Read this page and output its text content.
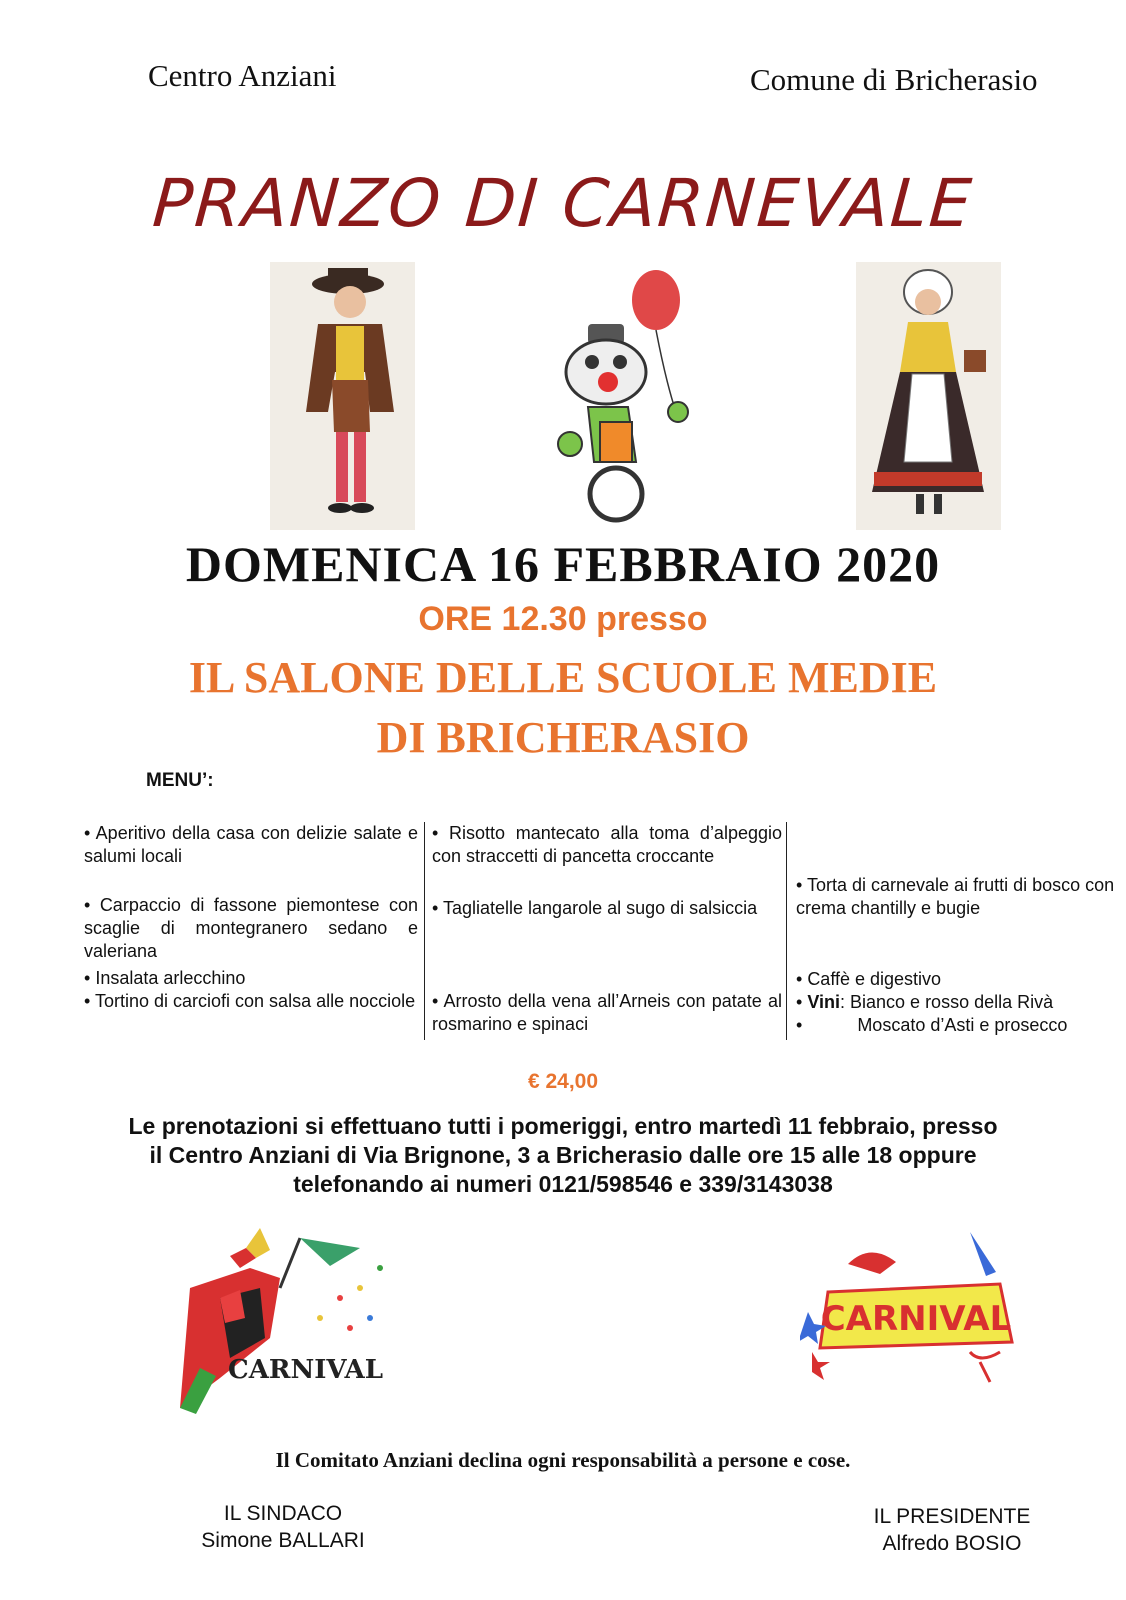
Centro Anziani	Comune di Bricherasio
PRANZO DI CARNEVALE
DOMENICA 16 FEBBRAIO 2020
ORE 12.30 presso
IL SALONE DELLE SCUOLE MEDIE
DI BRICHERASIO
MENU’:
• Aperitivo della casa con delizie salate e salumi locali
• Carpaccio di fassone piemontese con scaglie di montegranero sedano e valeriana
• Insalata arlecchino
• Tortino di carciofi con salsa alle nocciole
• Risotto mantecato alla toma d’alpeggio con straccetti di pancetta croccante
• Tagliatelle langarole al sugo di salsiccia
• Arrosto della vena all’Arneis con patate al rosmarino e spinaci
• Torta di carnevale ai frutti di bosco con crema chantilly e bugie
• Caffè e digestivo
• Vini: Bianco e rosso della Rivà
•           Moscato d’Asti e prosecco
€ 24,00
Le prenotazioni si effettuano tutti i pomeriggi, entro martedì 11 febbraio, presso
il Centro Anziani di Via Brignone, 3 a Bricherasio dalle ore 15 alle 18 oppure
telefonando ai numeri 0121/598546 e 339/3143038
CARNIVAL
CARNIVAL
Il Comitato Anziani declina ogni responsabilità a persone e cose.
IL SINDACO
Simone BALLARI
IL PRESIDENTE
Alfredo BOSIO
